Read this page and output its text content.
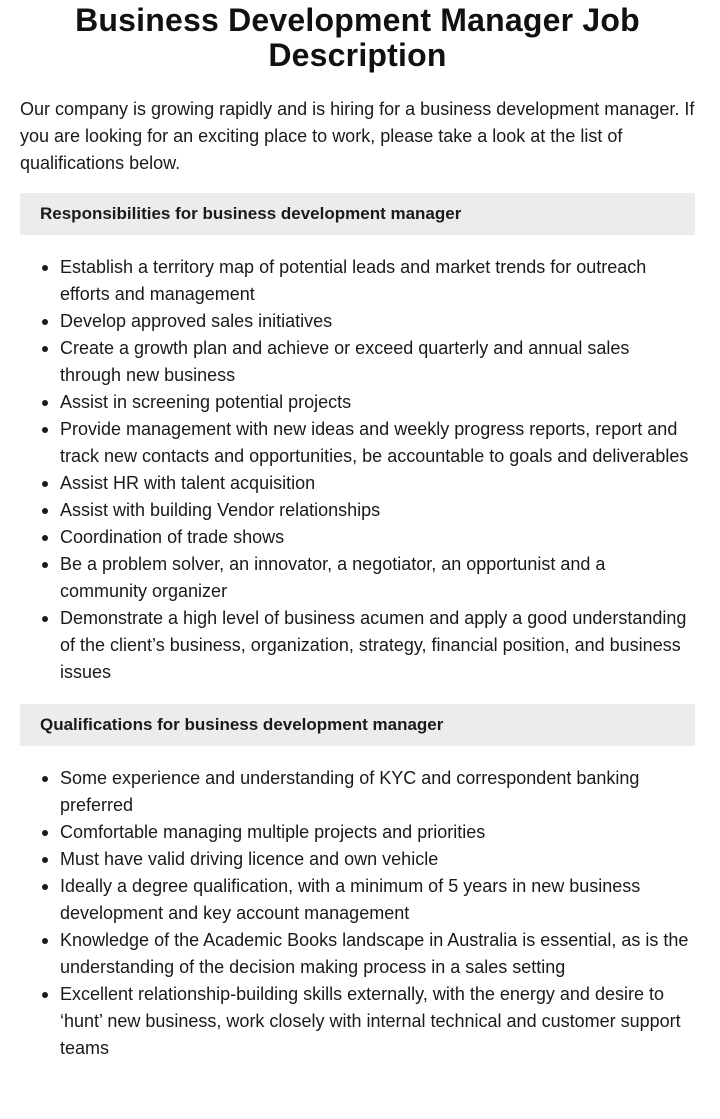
Business Development Manager Job Description

Our company is growing rapidly and is hiring for a business development manager. If you are looking for an exciting place to work, please take a look at the list of qualifications below.

Responsibilities for business development manager
Establish a territory map of potential leads and market trends for outreach efforts and management
Develop approved sales initiatives
Create a growth plan and achieve or exceed quarterly and annual sales through new business
Assist in screening potential projects
Provide management with new ideas and weekly progress reports, report and track new contacts and opportunities, be accountable to goals and deliverables
Assist HR with talent acquisition
Assist with building Vendor relationships
Coordination of trade shows
Be a problem solver, an innovator, a negotiator, an opportunist and a community organizer
Demonstrate a high level of business acumen and apply a good understanding of the client’s business, organization, strategy, financial position, and business issues
Qualifications for business development manager
Some experience and understanding of KYC and correspondent banking preferred
Comfortable managing multiple projects and priorities
Must have valid driving licence and own vehicle
Ideally a degree qualification, with a minimum of 5 years in new business development and key account management
Knowledge of the Academic Books landscape in Australia is essential, as is the understanding of the decision making process in a sales setting
Excellent relationship-building skills externally, with the energy and desire to ‘hunt’ new business, work closely with internal technical and customer support teams
